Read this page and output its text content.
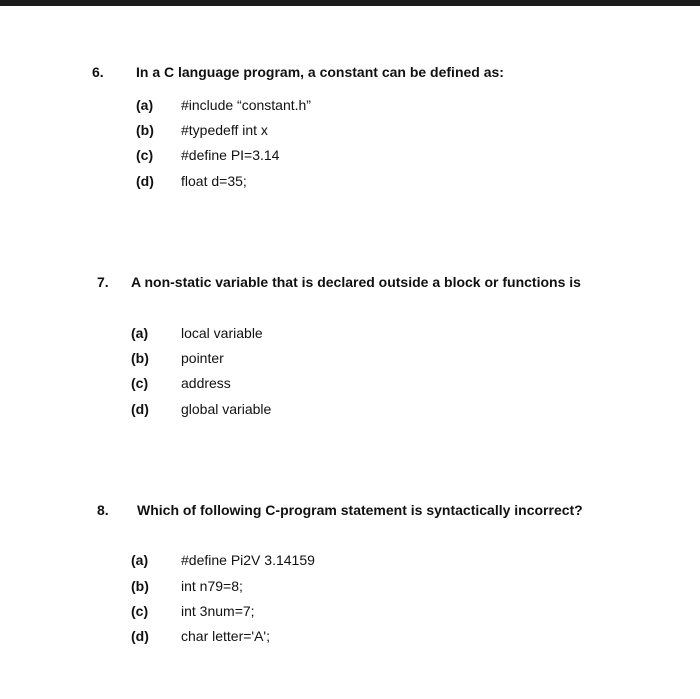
6. In a C language program, a constant can be defined as:
(a) #include “constant.h”
(b) #typedeff int x
(c) #define PI=3.14
(d) float d=35;
7. A non-static variable that is declared outside a block or functions is
(a) local variable
(b) pointer
(c) address
(d) global variable
8. Which of following C-program statement is syntactically incorrect?
(a) #define Pi2V 3.14159
(b) int n79=8;
(c) int 3num=7;
(d) char letter='A';
